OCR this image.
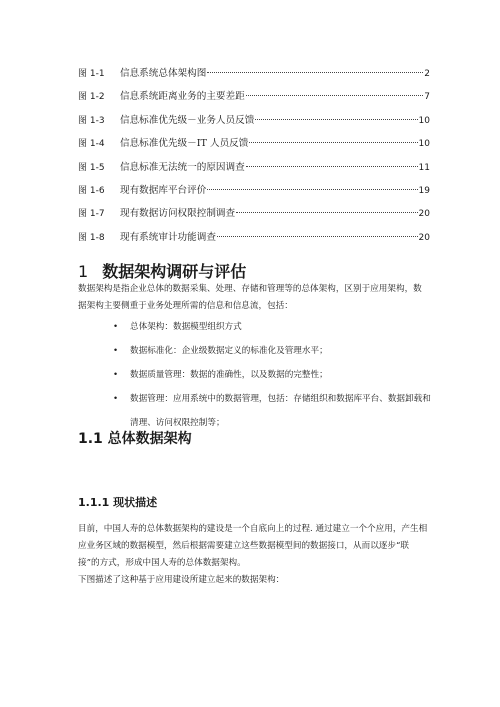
图 1-1	信息系统总体架构图	2
图 1-2	信息系统距离业务的主要差距	7
图 1-3	信息标准优先级－业务人员反馈	10
图 1-4	信息标准优先级－IT 人员反馈	10
图 1-5	信息标准无法统一的原因调查	11
图 1-6	现有数据库平台评价	19
图 1-7	现有数据访问权限控制调查	20
图 1-8	现有系统审计功能调查	20
1 数据架构调研与评估
数据架构是指企业总体的数据采集、处理、存储和管理等的总体架构，区别于应用架构，数据架构主要侧重于业务处理所需的信息和信息流，包括：
• 总体架构：数据模型组织方式
• 数据标准化：企业级数据定义的标准化及管理水平；
• 数据质量管理：数据的准确性，以及数据的完整性；
• 数据管理：应用系统中的数据管理，包括：存储组织和数据库平台、数据卸载和清理、访问权限控制等；
1.1 总体数据架构
1.1.1 现状描述
目前，中国人寿的总体数据架构的建设是一个自底向上的过程. 通过建立一个个应用，产生相应业务区域的数据模型，然后根据需要建立这些数据模型间的数据接口，从而以逐步“联接”的方式，形成中国人寿的总体数据架构。
下图描述了这种基于应用建设所建立起来的数据架构：
